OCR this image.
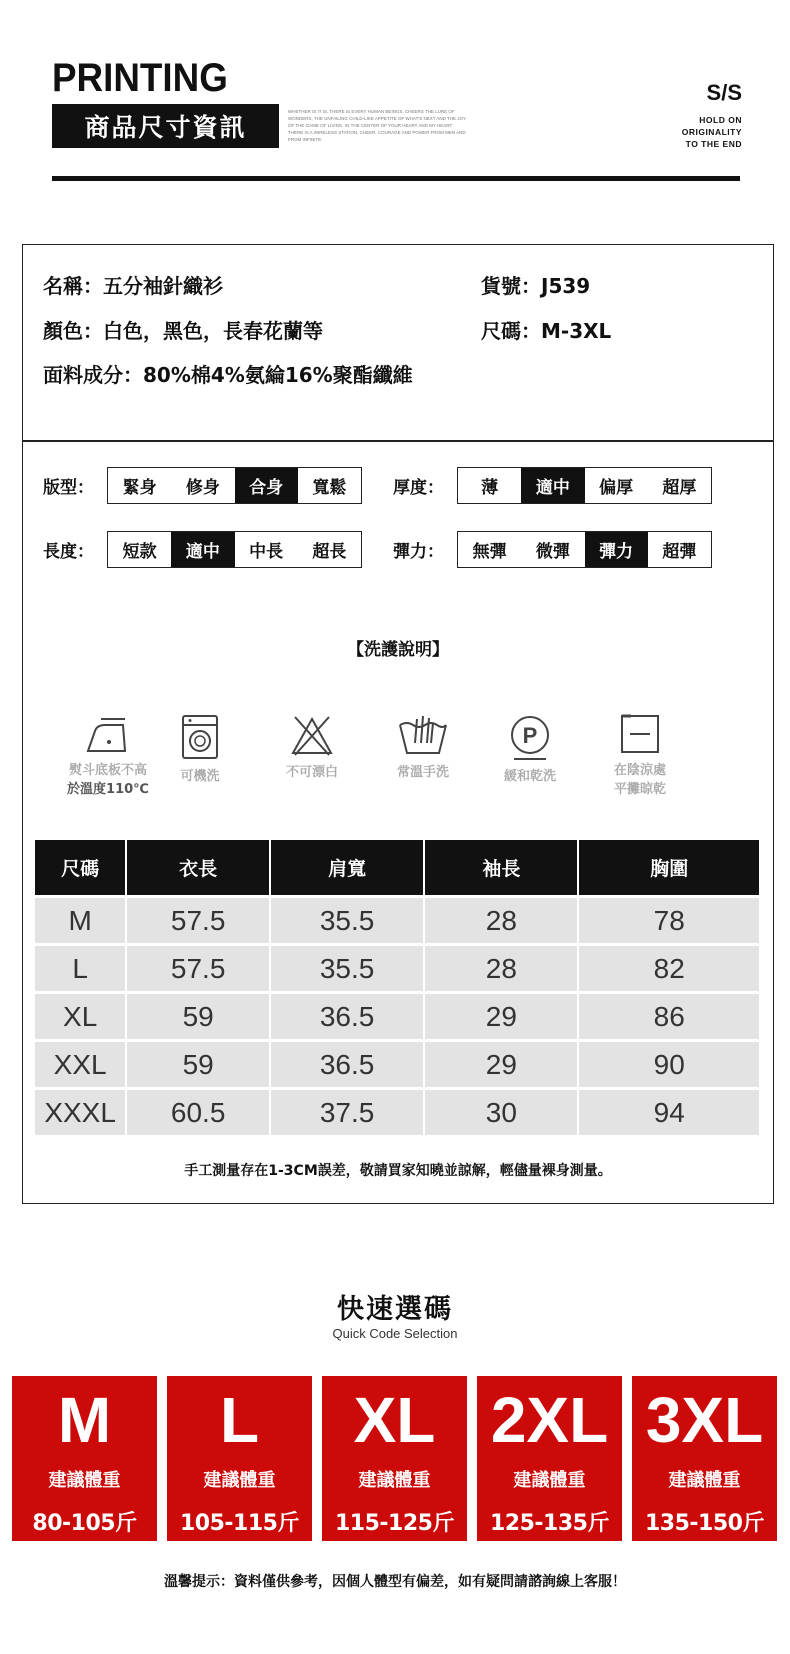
PRINTING
商品尺寸資訊
WHETHER IS IT IS, THERE IS EVERY HUMAN BEINGS. CHEERS THE LURE OF WONDERS, THE UNFAILING CHILD-LIKE APPETITE OF WHAT'S NEXT AND THE JOY OF THE GAME OF LIVING. IN THE CENTER OF YOUR HEART AND MY HEART THERE IS A WIRELESS STATION, CHEER, COURAGE AND POWER FROM MEN AND FROM INFINITE.
S/S
HOLD ON
ORIGINALITY
TO THE END
名稱：五分袖針織衫	貨號：J539
顏色：白色，黑色，長春花蘭等	尺碼：M-3XL
面料成分：80%棉4%氨綸16%聚酯纖維
版型：	緊身	修身	合身	寬鬆	厚度：	薄	適中	偏厚	超厚
長度：	短款	適中	中長	超長	彈力：	無彈	微彈	彈力	超彈
【洗護說明】
熨斗底板不高
於溫度110℃
可機洗	不可漂白	常溫手洗
P
緩和乾洗	在陰涼處
平攤晾乾
尺碼	衣長	肩寬	袖長	胸圍
M	57.5	35.5	28	78
L	57.5	35.5	28	82
XL	59	36.5	29	86
XXL	59	36.5	29	90
XXXL	60.5	37.5	30	94
手工測量存在1-3CM誤差，敬請買家知曉並諒解，輕儘量裸身測量。
快速選碼
Quick Code Selection
M
建議體重
80-105斤
L
建議體重
105-115斤
XL
建議體重
115-125斤
2XL
建議體重
125-135斤
3XL
建議體重
135-150斤
溫馨提示：資料僅供參考，因個人體型有偏差，如有疑問請諮詢線上客服！
